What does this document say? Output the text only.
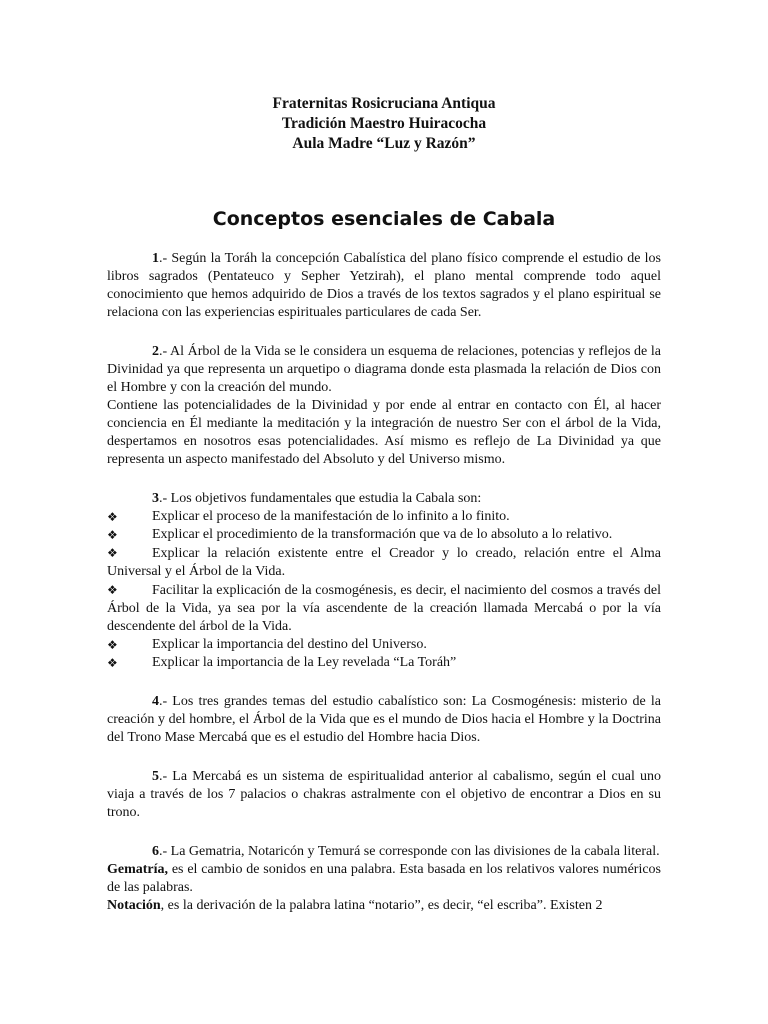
Fraternitas Rosicruciana Antiqua
Tradición Maestro Huiracocha
Aula Madre “Luz y Razón”
Conceptos esenciales de Cabala

1.- Según la Toráh la concepción Cabalística del plano físico comprende el estudio de los libros sagrados (Pentateuco y Sepher Yetzirah), el plano mental comprende todo aquel conocimiento que hemos adquirido de Dios a través de los textos sagrados y el plano espiritual se relaciona con las experiencias espirituales particulares de cada Ser.

2.- Al Árbol de la Vida se le considera un esquema de relaciones, potencias y reflejos de la Divinidad ya que representa un arquetipo o diagrama donde esta plasmada la relación de Dios con el Hombre y con la creación del mundo.

Contiene las potencialidades de la Divinidad y por ende al entrar en contacto con Él, al hacer conciencia en Él mediante la meditación y la integración de nuestro Ser con el árbol de la Vida, despertamos en nosotros esas potencialidades. Así mismo es reflejo de La Divinidad ya que representa un aspecto manifestado del Absoluto y del Universo mismo.

3.- Los objetivos fundamentales que estudia la Cabala son:

❖ Explicar el proceso de la manifestación de lo infinito a lo finito.

❖ Explicar el procedimiento de la transformación que va de lo absoluto a lo relativo.

❖ Explicar la relación existente entre el Creador y lo creado, relación entre el Alma Universal y el Árbol de la Vida.

❖ Facilitar la explicación de la cosmogénesis, es decir, el nacimiento del cosmos a través del Árbol de la Vida, ya sea por la vía ascendente de la creación llamada Mercabá o por la vía descendente del árbol de la Vida.

❖ Explicar la importancia del destino del Universo.

❖ Explicar la importancia de la Ley revelada “La Toráh”

4.- Los tres grandes temas del estudio cabalístico son: La Cosmogénesis: misterio de la creación y del hombre, el Árbol de la Vida que es el mundo de Dios hacia el Hombre y la Doctrina del Trono Mase Mercabá que es el estudio del Hombre hacia Dios.

5.- La Mercabá es un sistema de espiritualidad anterior al cabalismo, según el cual uno viaja a través de los 7 palacios o chakras astralmente con el objetivo de encontrar a Dios en su trono.

6.- La Gematria, Notaricón y Temurá se corresponde con las divisiones de la cabala literal.

Gematría, es el cambio de sonidos en una palabra. Esta basada en los relativos valores numéricos de las palabras.

Notación, es la derivación de la palabra latina “notario”, es decir, “el escriba”. Existen 2
